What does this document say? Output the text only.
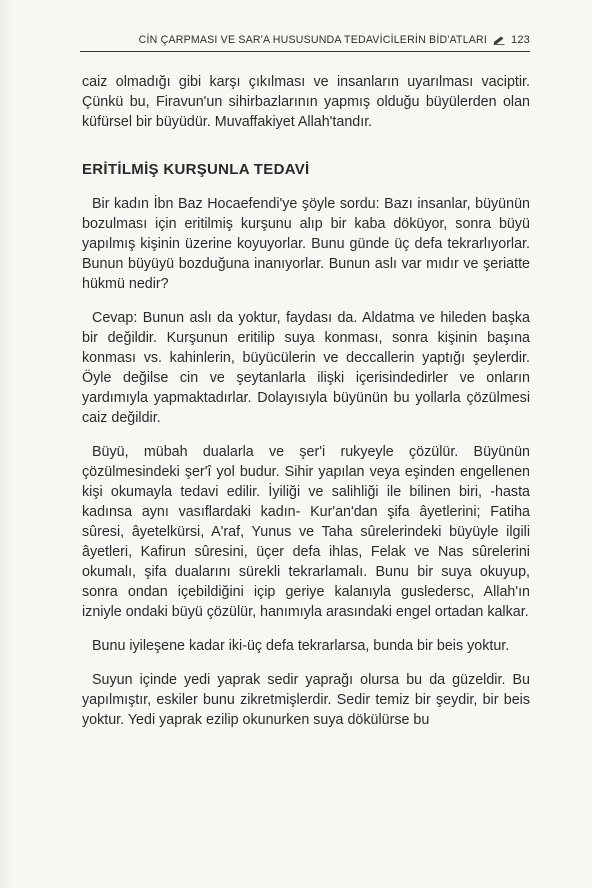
CİN ÇARPMASI VE SAR'A HUSUSUNDA TEDAVİCİLERİN BİD'ATLARI 123

caiz olmadığı gibi karşı çıkılması ve insanların uyarılması vaciptir. Çünkü bu, Firavun'un sihirbazlarının yapmış olduğu büyülerden olan küfürsel bir büyüdür. Muvaffakiyet Allah'tandır.

ERİTİLMİŞ KURŞUNLA TEDAVİ

Bir kadın İbn Baz Hocaefendi'ye şöyle sordu: Bazı insanlar, büyünün bozulması için eritilmiş kurşunu alıp bir kaba döküyor, sonra büyü yapılmış kişinin üzerine koyuyorlar. Bunu günde üç defa tekrarlıyorlar. Bunun büyüyü bozduğuna inanıyorlar. Bunun aslı var mıdır ve şeriatte hükmü nedir?

Cevap: Bunun aslı da yoktur, faydası da. Aldatma ve hileden başka bir değildir. Kurşunun eritilip suya konması, sonra kişinin başına konması vs. kahinlerin, büyücülerin ve deccallerin yaptığı şeylerdir. Öyle değilse cin ve şeytanlarla ilişki içerisindedirler ve onların yardımıyla yapmaktadırlar. Dolayısıyla büyünün bu yollarla çözülmesi caiz değildir.

Büyü, mübah dualarla ve şer'i rukyeyle çözülür. Büyünün çözülmesindeki şer'î yol budur. Sihir yapılan veya eşinden engellenen kişi okumayla tedavi edilir. İyiliği ve salihliği ile bilinen biri, -hasta kadınsa aynı vasıflardaki kadın- Kur'an'dan şifa âyetlerini; Fatiha sûresi, âyetelkürsi, A'raf, Yunus ve Taha sûrelerindeki büyüyle ilgili âyetleri, Kafirun sûresini, üçer defa ihlas, Felak ve Nas sûrelerini okumalı, şifa dualarını sürekli tekrarlamalı. Bunu bir suya okuyup, sonra ondan içebildiğini içip geriye kalanıyla gusledersc, Allah'ın izniyle ondaki büyü çözülür, hanımıyla arasındaki engel ortadan kalkar.

Bunu iyileşene kadar iki-üç defa tekrarlarsa, bunda bir beis yoktur.

Suyun içinde yedi yaprak sedir yaprağı olursa bu da güzeldir. Bu yapılmıştır, eskiler bunu zikretmişlerdir. Sedir temiz bir şeydir, bir beis yoktur. Yedi yaprak ezilip okunurken suya dökülürse bu
